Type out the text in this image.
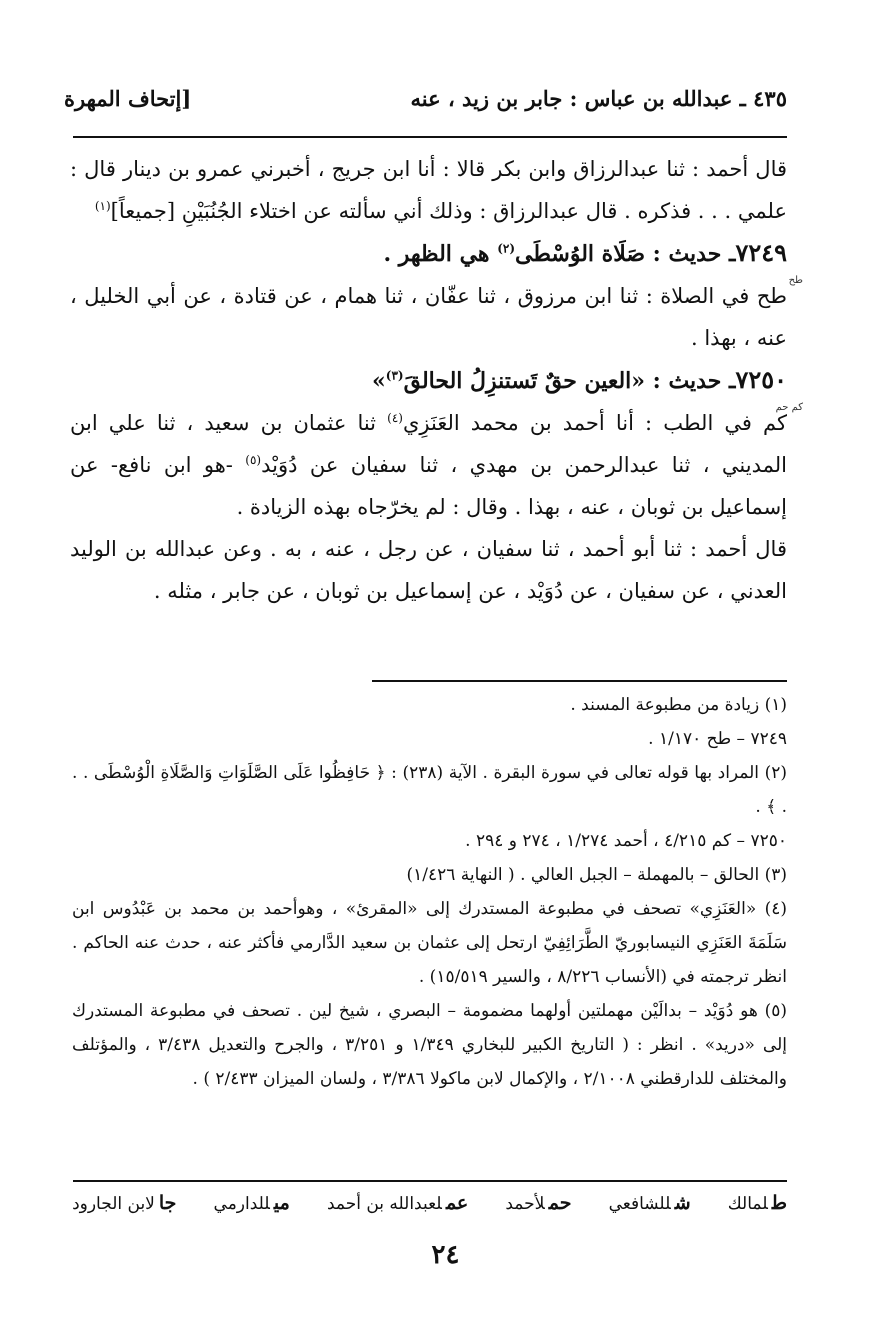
٤٣٥ ـ عبدالله بن عباس : جابر بن زيد ، عنه
[إتحاف المهرة

قال أحمد : ثنا عبدالرزاق وابن بكر قالا : أنا ابن جريج ، أخبرني عمرو بن دينار قال : علمي . . . فذكره . قال عبدالرزاق : وذلك أني سألته عن اختلاء الجُنُبَيْنِ [جميعاً]$^{(١)}$

٧٢٤٩ـ حديث : صَلَاة الوُسْطَى$^{(٢)}$ هي الظهر .
طح

طح في الصلاة : ثنا ابن مرزوق ، ثنا عفّان ، ثنا همام ، عن قتادة ، عن أبي الخليل ، عنه ، بهذا .

٧٢٥٠ـ حديث : «العين حقٌ تَستنزِلُ الحالقَ$^{(٣)}$»
كم حم

كم في الطب : أنا أحمد بن محمد العَنَزِي$^{(٤)}$ ثنا عثمان بن سعيد ، ثنا علي ابن المديني ، ثنا عبدالرحمن بن مهدي ، ثنا سفيان عن دُوَيْد$^{(٥)}$ -هو ابن نافع- عن إسماعيل بن ثوبان ، عنه ، بهذا . وقال : لم يخرّجاه بهذه الزيادة .

قال أحمد : ثنا أبو أحمد ، ثنا سفيان ، عن رجل ، عنه ، به . وعن عبدالله بن الوليد العدني ، عن سفيان ، عن دُوَيْد ، عن إسماعيل بن ثوبان ، عن جابر ، مثله .

(١) زيادة من مطبوعة المسند .

٧٢٤٩ – طح ١/١٧٠ .

(٢) المراد بها قوله تعالى في سورة البقرة . الآية (٢٣٨) : ﴿ حَافِظُوا عَلَى الصَّلَوَاتِ وَالصَّلَاةِ الْوُسْطَى . . . ﴾ .

٧٢٥٠ – كم ٤/٢١٥ ، أحمد ١/٢٧٤ ، ٢٧٤ و ٢٩٤ .

(٣) الحالق – بالمهملة – الجبل العالي . ( النهاية ١/٤٢٦)

(٤) «العَنَزِي» تصحف في مطبوعة المستدرك إلى «المقرئ» ، وهوأحمد بن محمد بن عَبْدُوس ابن سَلَمَةَ العَنَزِي النيسابوريّ الطَّرَائِفِيّ ارتحل إلى عثمان بن سعيد الدَّارمي فأكثر عنه ، حدث عنه الحاكم . انظر ترجمته في (الأنساب ٨/٢٢٦ ، والسير ١٥/٥١٩) .

(٥) هو دُوَيْد – بدالَيْن مهملتين أولهما مضمومة – البصري ، شيخ لين . تصحف في مطبوعة المستدرك إلى «دريد» . انظر : ( التاريخ الكبير للبخاري ١/٣٤٩ و ٣/٢٥١ ، والجرح والتعديل ٣/٤٣٨ ، والمؤتلف والمختلف للدارقطني ٢/١٠٠٨ ، والإكمال لابن ماكولا ٣/٣٨٦ ، ولسان الميزان ٢/٤٣٣ ) .

طلمالك
شللشافعي
حملأحمد
عملعبدالله بن أحمد
ميللدارمي
جالابن الجارود
٢٤
